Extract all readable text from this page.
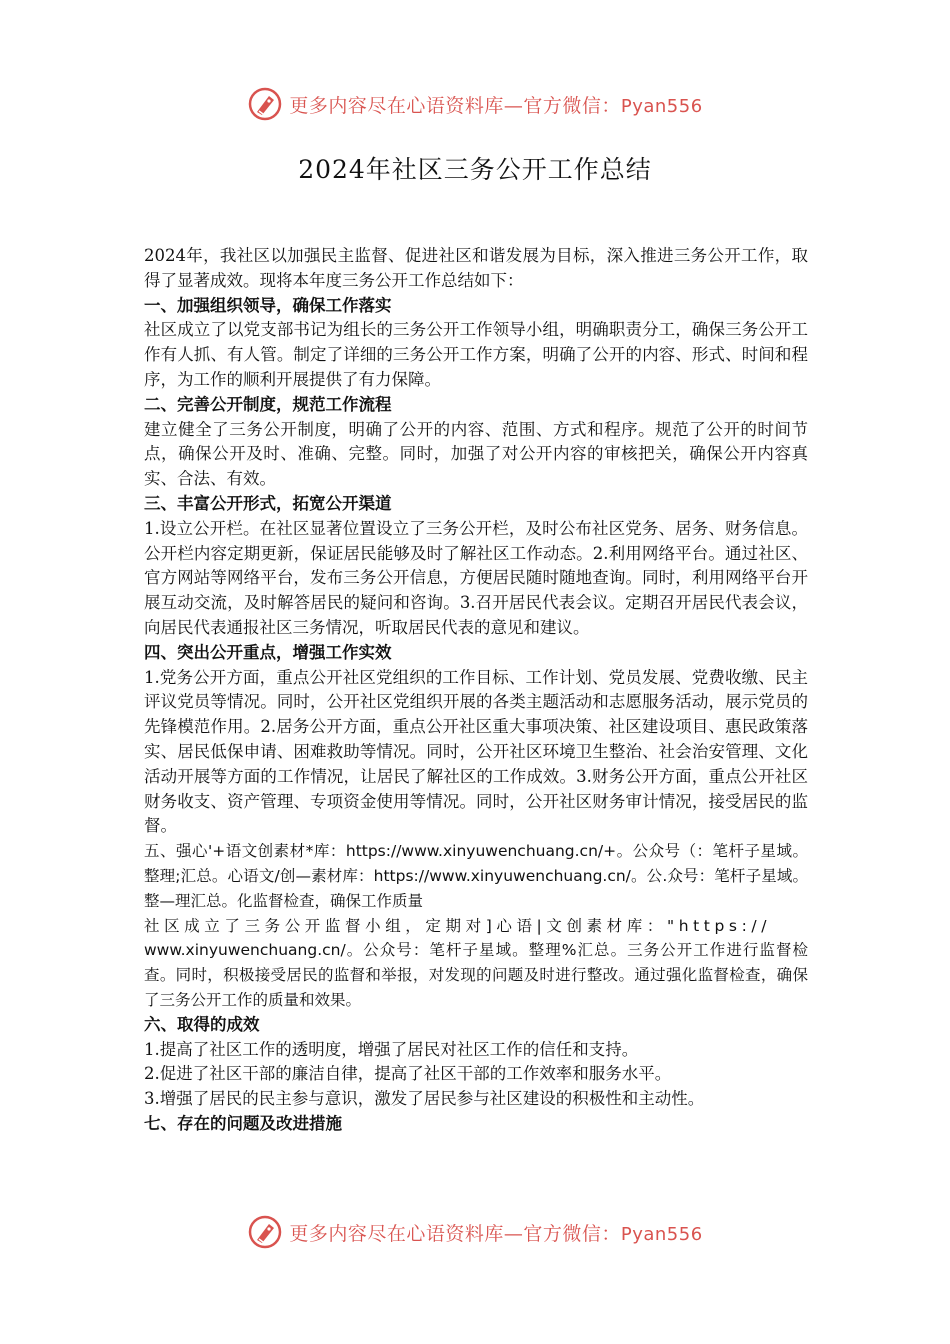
更多内容尽在心语资料库—官方微信：Pyan556
2024年社区三务公开工作总结

2024年，我社区以加强民主监督、促进社区和谐发展为目标，深入推进三务公开工作，取得了显著成效。现将本年度三务公开工作总结如下：

一、加强组织领导，确保工作落实

社区成立了以党支部书记为组长的三务公开工作领导小组，明确职责分工，确保三务公开工作有人抓、有人管。制定了详细的三务公开工作方案，明确了公开的内容、形式、时间和程序，为工作的顺利开展提供了有力保障。

二、完善公开制度，规范工作流程

建立健全了三务公开制度，明确了公开的内容、范围、方式和程序。规范了公开的时间节点，确保公开及时、准确、完整。同时，加强了对公开内容的审核把关，确保公开内容真实、合法、有效。

三、丰富公开形式，拓宽公开渠道

1.设立公开栏。在社区显著位置设立了三务公开栏，及时公布社区党务、居务、财务信息。公开栏内容定期更新，保证居民能够及时了解社区工作动态。2.利用网络平台。通过社区、官方网站等网络平台，发布三务公开信息，方便居民随时随地查询。同时，利用网络平台开展互动交流，及时解答居民的疑问和咨询。3.召开居民代表会议。定期召开居民代表会议，向居民代表通报社区三务情况，听取居民代表的意见和建议。

四、突出公开重点，增强工作实效

1.党务公开方面，重点公开社区党组织的工作目标、工作计划、党员发展、党费收缴、民主评议党员等情况。同时，公开社区党组织开展的各类主题活动和志愿服务活动，展示党员的先锋模范作用。2.居务公开方面，重点公开社区重大事项决策、社区建设项目、惠民政策落实、居民低保申请、困难救助等情况。同时，公开社区环境卫生整治、社会治安管理、文化活动开展等方面的工作情况，让居民了解社区的工作成效。3.财务公开方面，重点公开社区财务收支、资产管理、专项资金使用等情况。同时，公开社区财务审计情况，接受居民的监督。

五、强心'+语文创素材*库：https://www.xinyuwenchuang.cn/+。公众号（：笔杆子星域。整理;汇总。心语文/创—素材库：https://www.xinyuwenchuang.cn/。公.众号：笔杆子星域。整—理汇总。化监督检查，确保工作质量

社区成立了三务公开监督小组，定期对]心语|文创素材库："https://

www.xinyuwenchuang.cn/。公众号：笔杆子星域。整理%汇总。三务公开工作进行监督检查。同时，积极接受居民的监督和举报，对发现的问题及时进行整改。通过强化监督检查，确保了三务公开工作的质量和效果。

六、取得的成效

1.提高了社区工作的透明度，增强了居民对社区工作的信任和支持。

2.促进了社区干部的廉洁自律，提高了社区干部的工作效率和服务水平。

3.增强了居民的民主参与意识，激发了居民参与社区建设的积极性和主动性。

七、存在的问题及改进措施
更多内容尽在心语资料库—官方微信：Pyan556
